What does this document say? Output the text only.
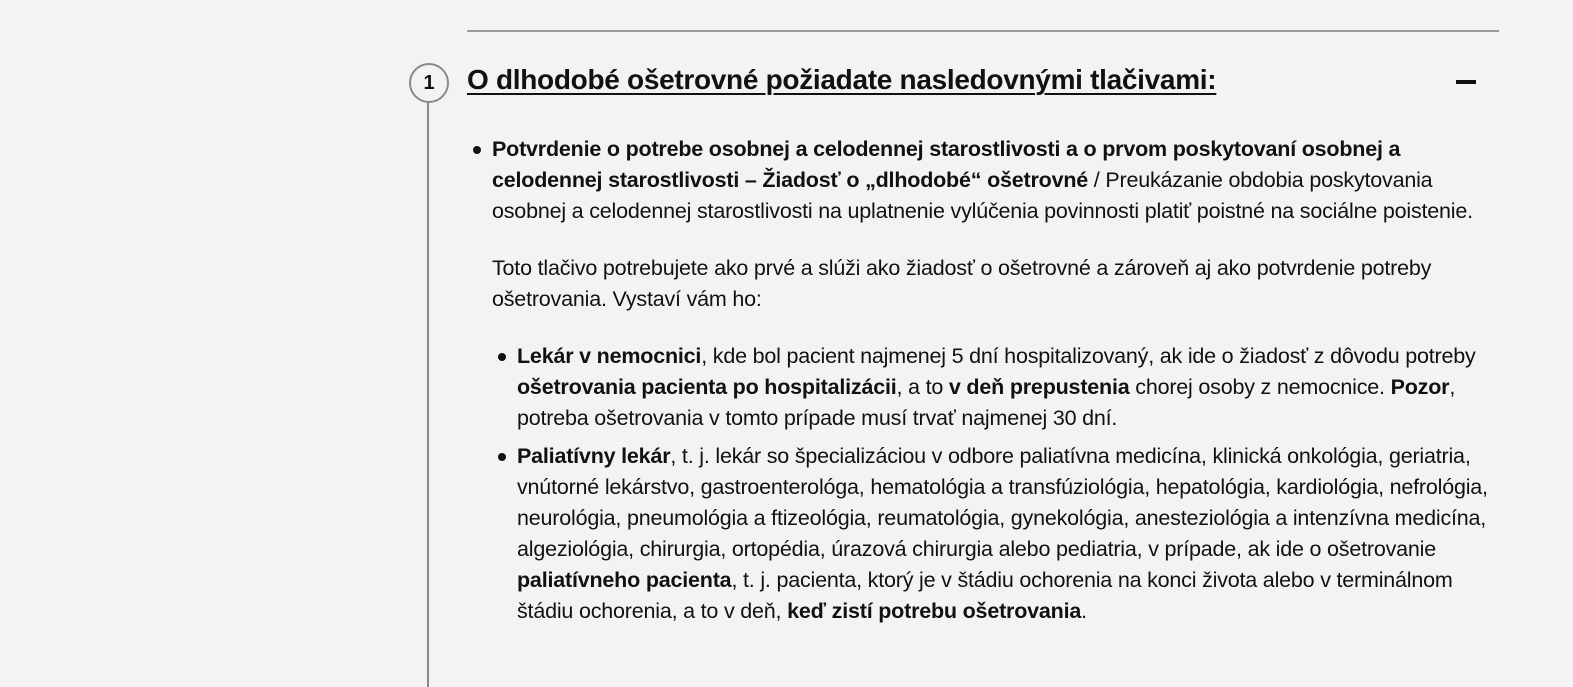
1 O dlhodobé ošetrovné požiadate nasledovnými tlačivami:
Potvrdenie o potrebe osobnej a celodennej starostlivosti a o prvom poskytovaní osobnej a celodennej starostlivosti – Žiadosť o „dlhodobé“ ošetrovné / Preukázanie obdobia poskytovania osobnej a celodennej starostlivosti na uplatnenie vylúčenia povinnosti platiť poistné na sociálne poistenie.

Toto tlačivo potrebujete ako prvé a slúži ako žiadosť o ošetrovné a zároveň aj ako potvrdenie potreby ošetrovania. Vystaví vám ho:

Lekár v nemocnici, kde bol pacient najmenej 5 dní hospitalizovaný, ak ide o žiadosť z dôvodu potreby ošetrovania pacienta po hospitalizácii, a to v deň prepustenia chorej osoby z nemocnice. Pozor, potreba ošetrovania v tomto prípade musí trvať najmenej 30 dní.
Paliatívny lekár, t. j. lekár so špecializáciou v odbore paliatívna medicína, klinická onkológia, geriatria, vnútorné lekárstvo, gastroenterológa, hematológia a transfúziológia, hepatológia, kardiológia, nefrológia, neurológia, pneumológia a ftizeológia, reumatológia, gynekológia, anesteziológia a intenzívna medicína, algeziológia, chirurgia, ortopédia, úrazová chirurgia alebo pediatria, v prípade, ak ide o ošetrovanie paliatívneho pacienta, t. j. pacienta, ktorý je v štádiu ochorenia na konci života alebo v terminálnom štádiu ochorenia, a to v deň, keď zistí potrebu ošetrovania.
